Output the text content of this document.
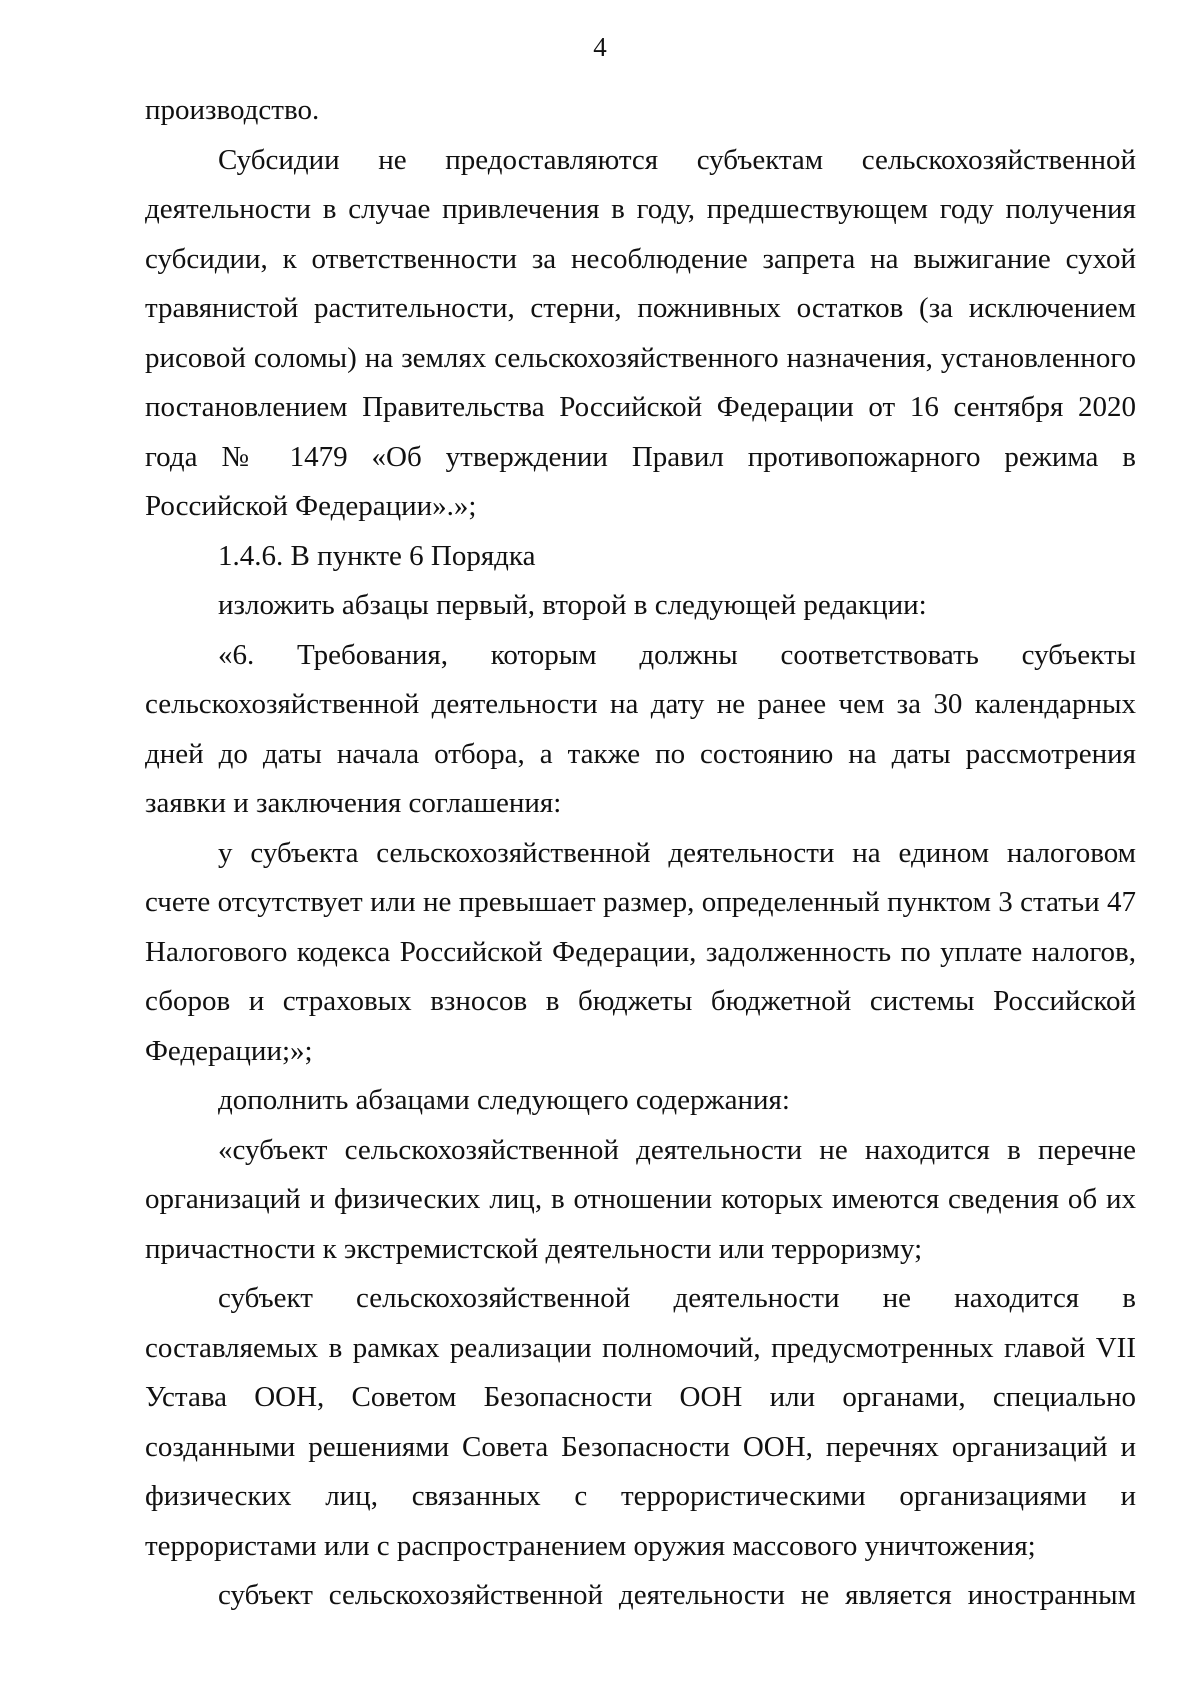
4

производство.

Субсидии не предоставляются субъектам сельскохозяйственной деятельности в случае привлечения в году, предшествующем году получения субсидии, к ответственности за несоблюдение запрета на выжигание сухой травянистой растительности, стерни, пожнивных остатков (за исключением рисовой соломы) на землях сельскохозяйственного назначения, установленного постановлением Правительства Российской Федерации от 16 сентября 2020 года № 1479 «Об утверждении Правил противопожарного режима в Российской Федерации».»;

1.4.6. В пункте 6 Порядка

изложить абзацы первый, второй в следующей редакции:

«6. Требования, которым должны соответствовать субъекты сельскохозяйственной деятельности на дату не ранее чем за 30 календарных дней до даты начала отбора, а также по состоянию на даты рассмотрения заявки и заключения соглашения:

у субъекта сельскохозяйственной деятельности на едином налоговом счете отсутствует или не превышает размер, определенный пунктом 3 статьи 47 Налогового кодекса Российской Федерации, задолженность по уплате налогов, сборов и страховых взносов в бюджеты бюджетной системы Российской Федерации;»;

дополнить абзацами следующего содержания:

«субъект сельскохозяйственной деятельности не находится в перечне организаций и физических лиц, в отношении которых имеются сведения об их причастности к экстремистской деятельности или терроризму;

субъект сельскохозяйственной деятельности не находится в составляемых в рамках реализации полномочий, предусмотренных главой VII Устава ООН, Советом Безопасности ООН или органами, специально созданными решениями Совета Безопасности ООН, перечнях организаций и физических лиц, связанных с террористическими организациями и террористами или с распространением оружия массового уничтожения;

субъект сельскохозяйственной деятельности не является иностранным
